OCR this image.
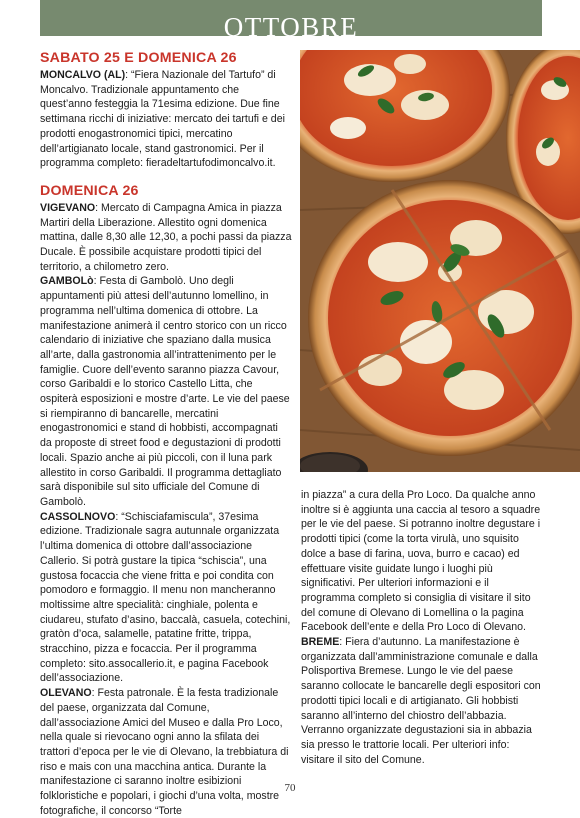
OTTOBRE
SABATO 25 E DOMENICA 26

MONCALVO (AL): “Fiera Nazionale del Tartufo” di Moncalvo. Tradizionale appuntamento che quest’anno festeggia la 71esima edizione. Due fine settimana ricchi di iniziative: mercato dei tartufi e dei prodotti enogastronomici tipici, mercatino dell’artigianato locale, stand gastronomici. Per il programma completo: fieradeltartufodimoncalvo.it.

DOMENICA 26

VIGEVANO: Mercato di Campagna Amica in piazza Martiri della Liberazione. Allestito ogni domenica mattina, dalle 8,30 alle 12,30, a pochi passi da piazza Ducale. È possibile acquistare prodotti tipici del territorio, a chilometro zero.

GAMBOLò: Festa di Gambolò. Uno degli appuntamenti più attesi dell’autunno lomellino, in programma nell’ultima domenica di ottobre. La manifestazione animerà il centro storico con un ricco calendario di iniziative che spaziano dalla musica all’arte, dalla gastronomia all’intrattenimento per le famiglie. Cuore dell’evento saranno piazza Cavour, corso Garibaldi e lo storico Castello Litta, che ospiterà esposizioni e mostre d’arte. Le vie del paese si riempiranno di bancarelle, mercatini enogastronomici e stand di hobbisti, accompagnati da proposte di street food e degustazioni di prodotti locali. Spazio anche ai più piccoli, con il luna park allestito in corso Garibaldi. Il programma dettagliato sarà disponibile sul sito ufficiale del Comune di Gambolò.

CASSOLNOVO: “Schisciafamiscula”, 37esima edizione. Tradizionale sagra autunnale organizzata l’ultima domenica di ottobre dall’associazione Callerio. Si potrà gustare la tipica “schiscia”, una gustosa focaccia che viene fritta e poi condita con pomodoro e formaggio. Il menu non mancheranno moltissime altre specialità: cinghiale, polenta e ciudareu, stufato d’asino, baccalà, casuela, cotechini, gratòn d’oca, salamelle, patatine fritte, trippa, stracchino, pizza e focaccia. Per il programma completo: sito.assocallerio.it, e pagina Facebook dell’associazione.

OLEVANO: Festa patronale. È la festa tradizionale del paese, organizzata dal Comune, dall’associazione Amici del Museo e dalla Pro Loco, nella quale si rievocano ogni anno la sfilata dei trattori d’epoca per le vie di Olevano, la trebbiatura di riso e mais con una macchina antica. Durante la manifestazione ci saranno inoltre esibizioni folkloristiche e popolari, i giochi d’una volta, mostre fotografiche, il concorso “Torte

in piazza” a cura della Pro Loco. Da qualche anno inoltre si è aggiunta una caccia al tesoro a squadre per le vie del paese. Si potranno inoltre degustare i prodotti tipici (come la torta virulà, uno squisito dolce a base di farina, uova, burro e cacao) ed effettuare visite guidate lungo i luoghi più significativi. Per ulteriori informazioni e il programma completo si consiglia di visitare il sito del comune di Olevano di Lomellina o la pagina Facebook dell’ente e della Pro Loco di Olevano.

BREME: Fiera d’autunno. La manifestazione è organizzata dall’amministrazione comunale e dalla Polisportiva Bremese. Lungo le vie del paese saranno collocate le bancarelle degli espositori con prodotti tipici locali e di artigianato. Gli hobbisti saranno all’interno del chiostro dell’abbazia. Verranno organizzate degustazioni sia in abbazia sia presso le trattorie locali. Per ulteriori info: visitare il sito del Comune.

70
